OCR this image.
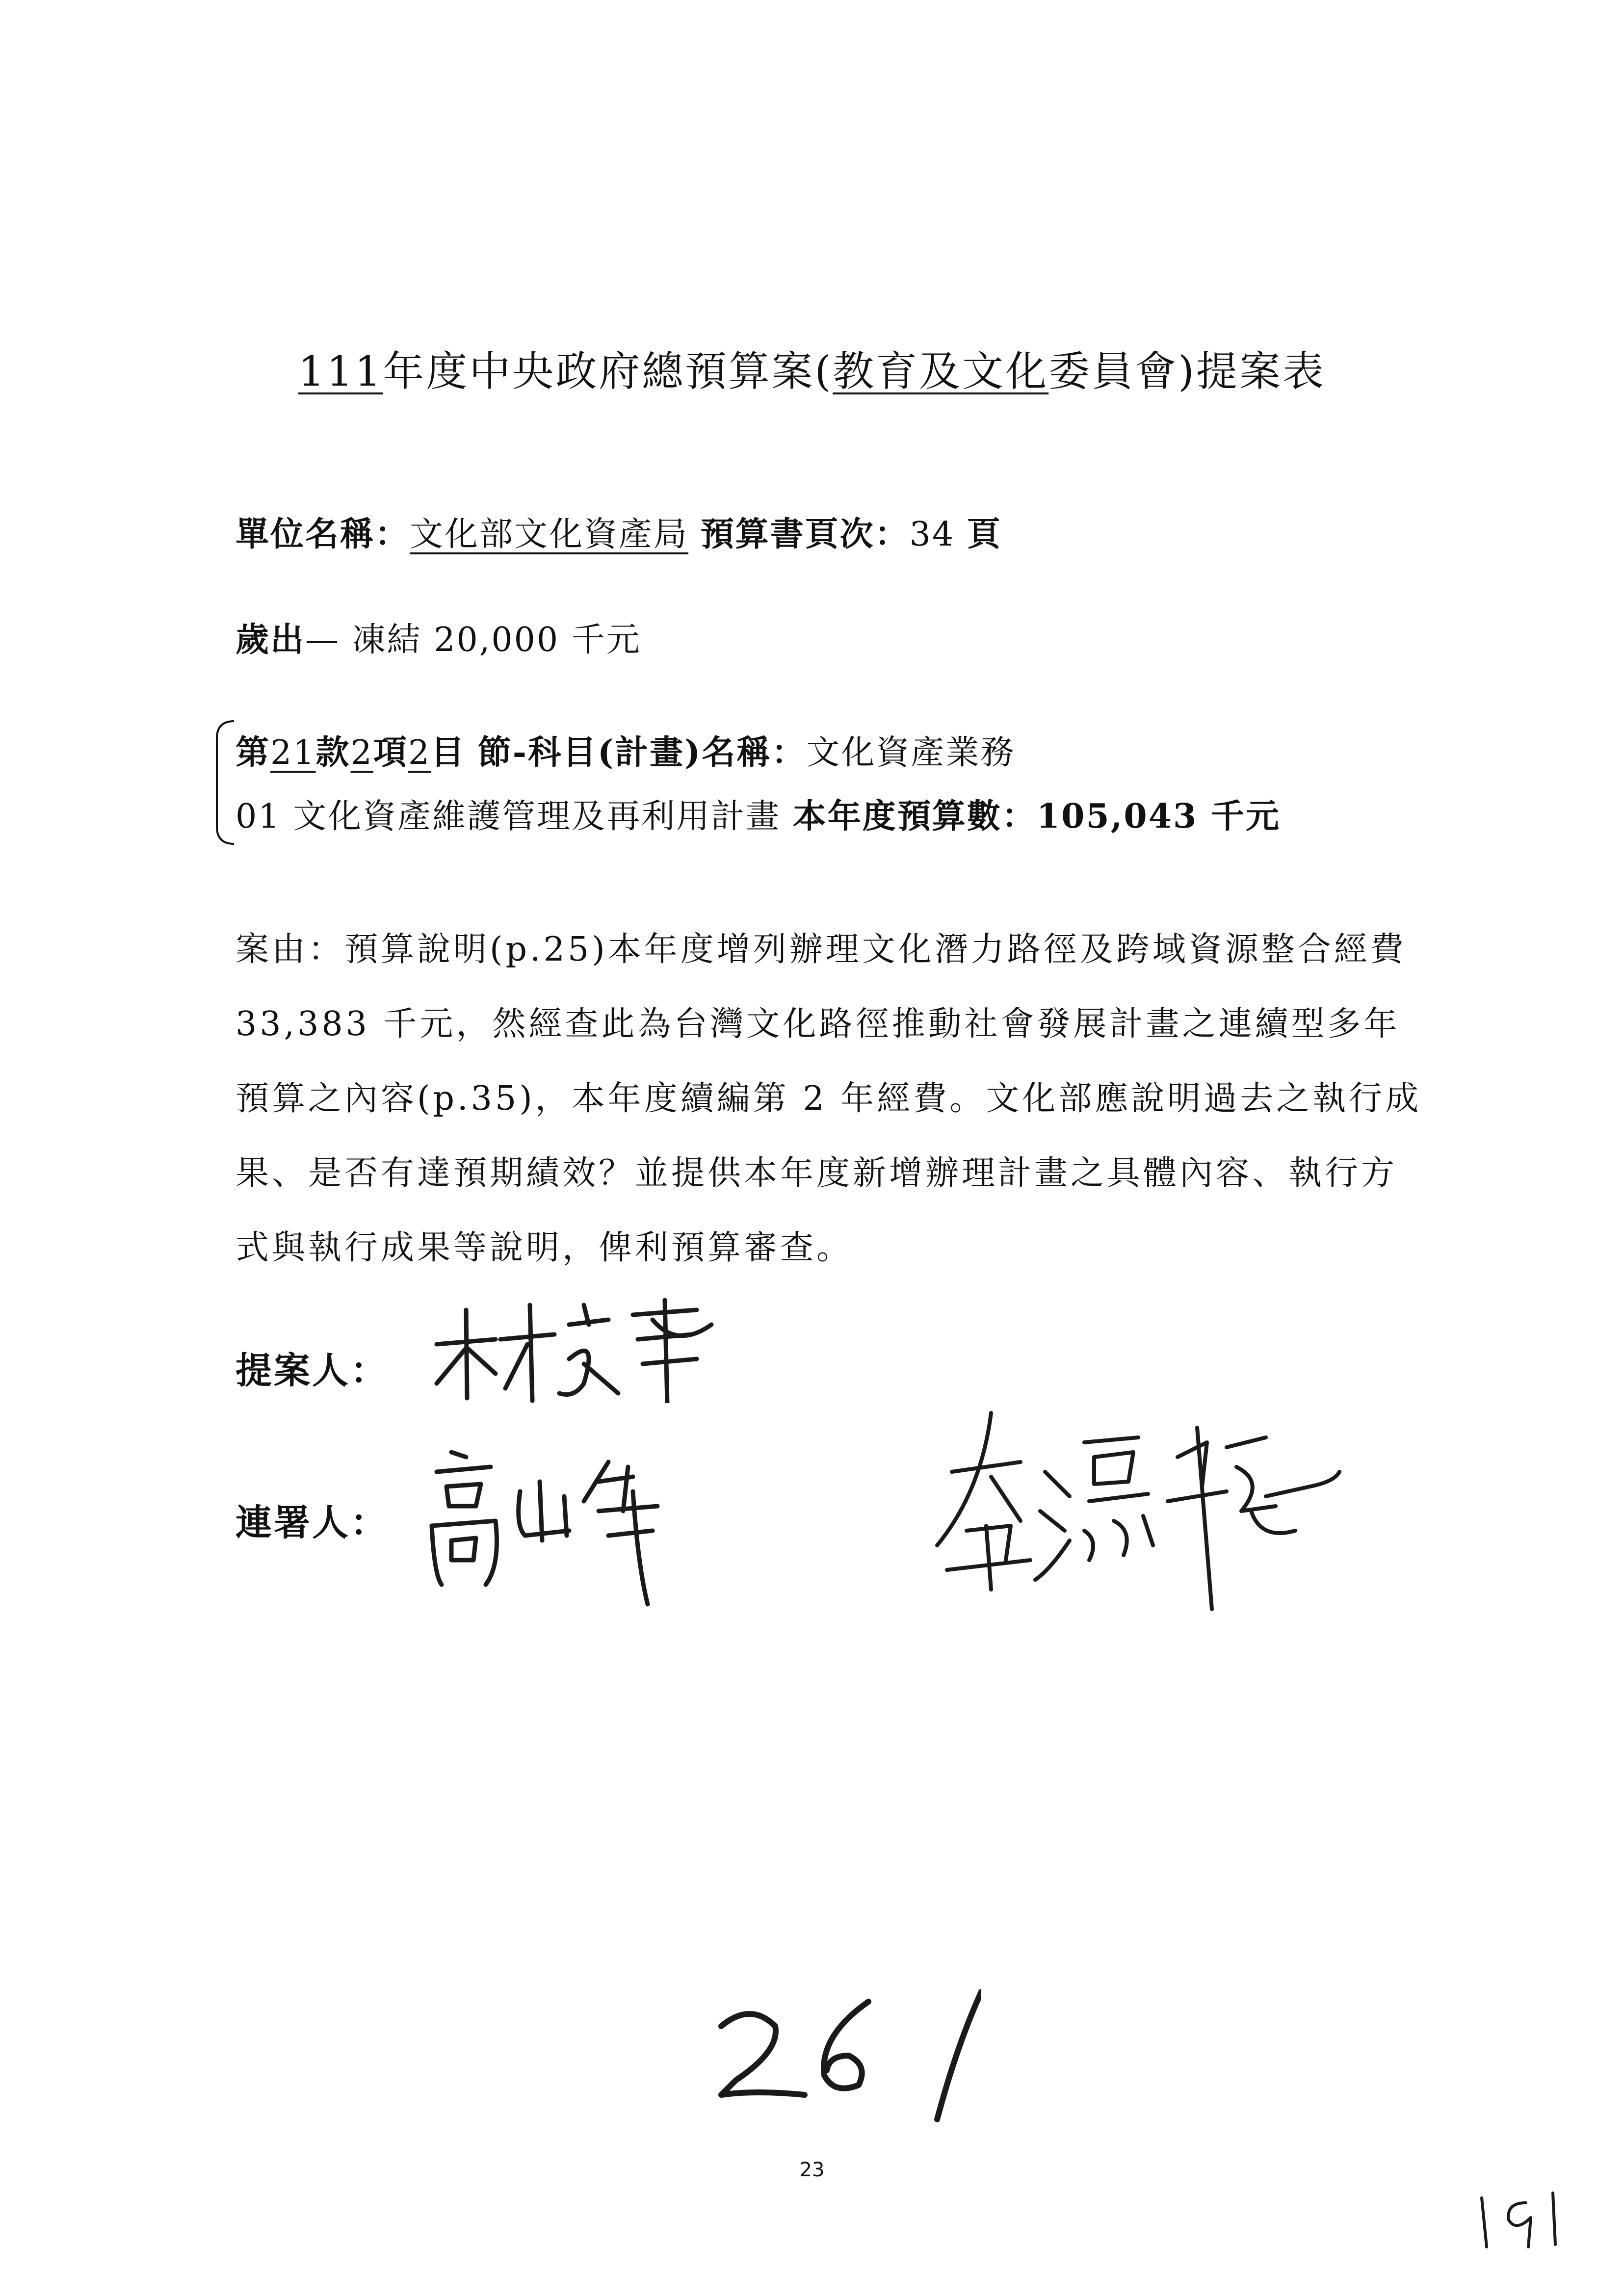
111年度中央政府總預算案(教育及文化委員會)提案表
單位名稱：文化部文化資產局 預算書頁次：34 頁
歲出— 凍結 20,000 千元
第21款2項2目 節-科目(計畫)名稱：文化資產業務
01 文化資產維護管理及再利用計畫 本年度預算數：105,043 千元
案由：預算說明(p.25)本年度增列辦理文化潛力路徑及跨域資源整合經費 33,383 千元，然經查此為台灣文化路徑推動社會發展計畫之連續型多年預算之內容(p.35)，本年度續編第 2 年經費。文化部應說明過去之執行成果、是否有達預期績效？並提供本年度新增辦理計畫之具體內容、執行方式與執行成果等說明，俾利預算審查。
提案人：
連署人：
23
